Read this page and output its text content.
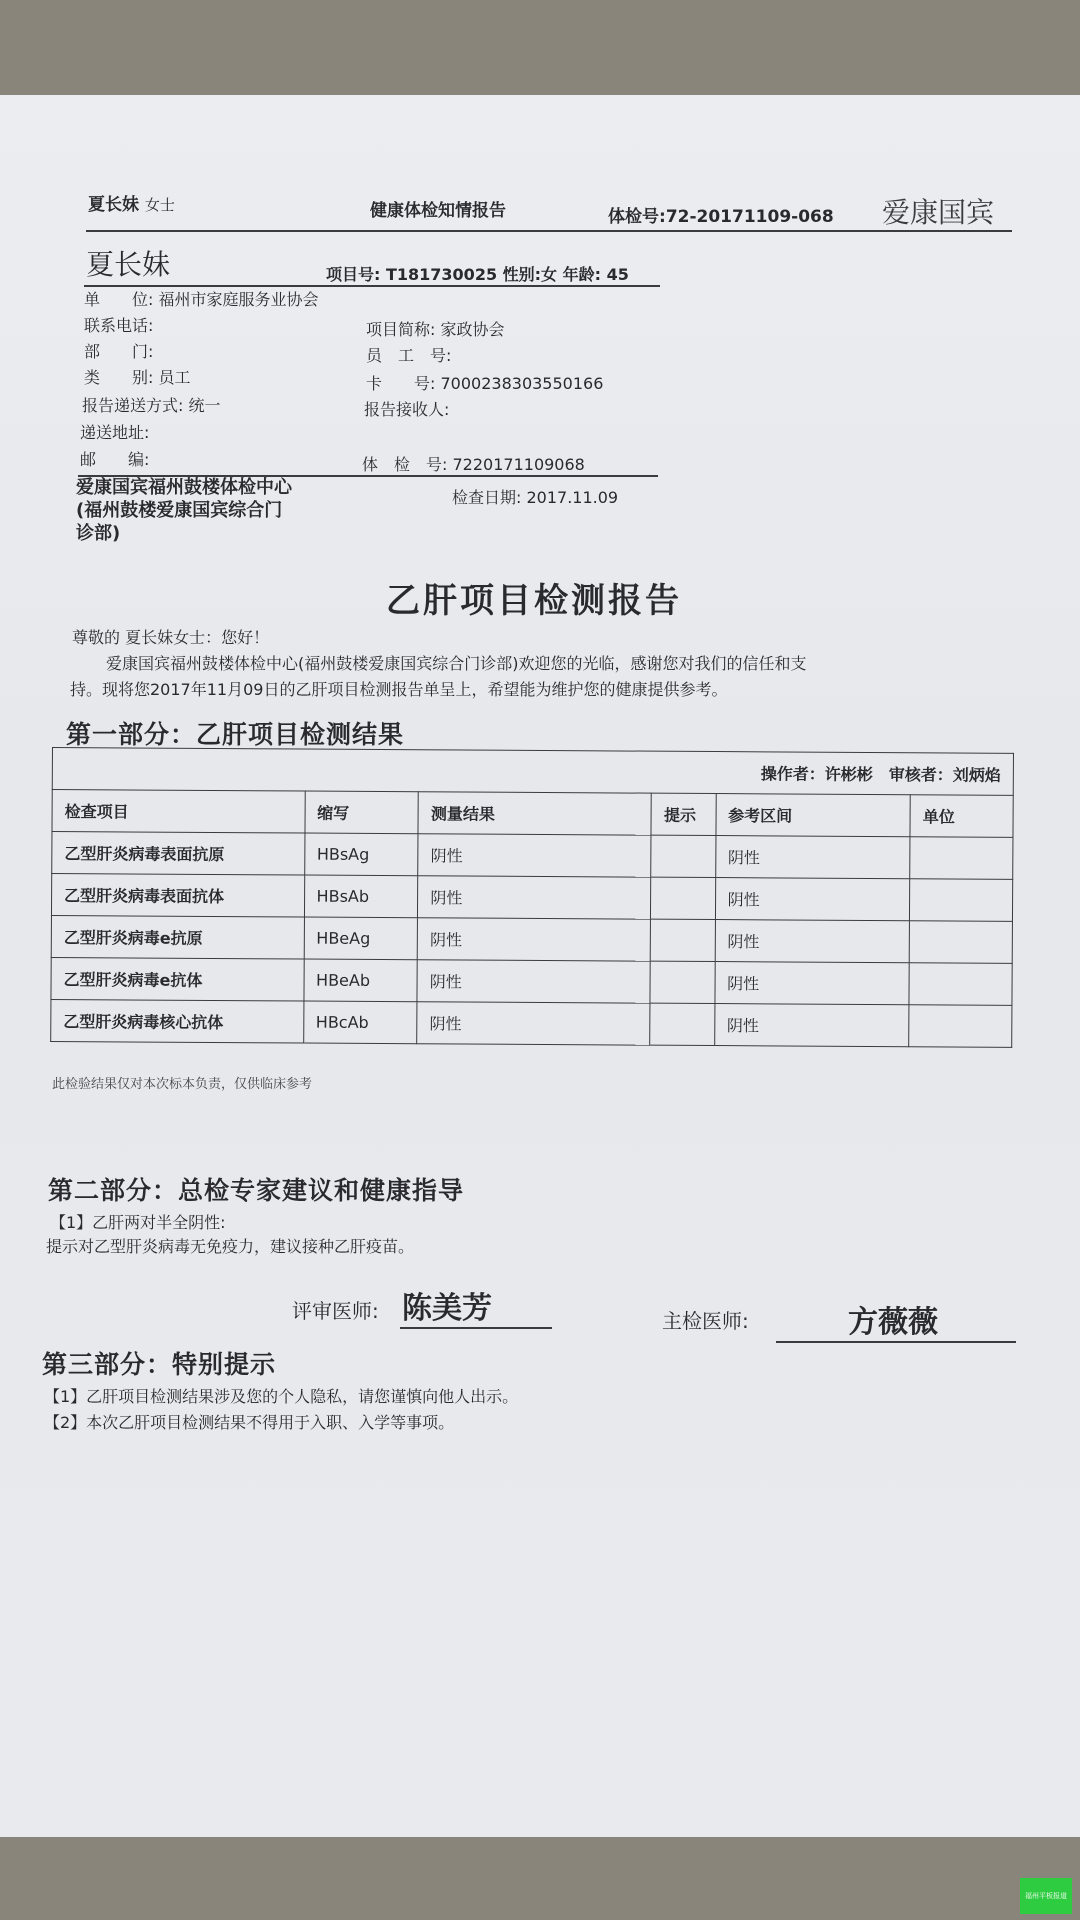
夏长妹 女士	健康体检知情报告	体检号:72-20171109-068 爱康国宾
夏长妹	项目号: T181730025 性别:女 年龄: 45
单　　位: 福州市家庭服务业协会
联系电话:	项目简称: 家政协会
部　　门:	员　工　号:
类　　别: 员工	卡　　号: 7000238303550166
报告递送方式: 统一	报告接收人:
递送地址:
邮　　编:	体　检　号: 7220171109068
爱康国宾福州鼓楼体检中心
(福州鼓楼爱康国宾综合门
诊部)
检查日期: 2017.11.09
乙肝项目检测报告
尊敬的 夏长妹女士：您好！
爱康国宾福州鼓楼体检中心(福州鼓楼爱康国宾综合门诊部)欢迎您的光临，感谢您对我们的信任和支
持。现将您2017年11月09日的乙肝项目检测报告单呈上，希望能为维护您的健康提供参考。
第一部分：乙肝项目检测结果
操作者：许彬彬　审核者：刘炳焰					
检查项目	缩写	测量结果	提示	参考区间	单位
乙型肝炎病毒表面抗原	HBsAg	阴性		阴性	
乙型肝炎病毒表面抗体	HBsAb	阴性		阴性	
乙型肝炎病毒e抗原	HBeAg	阴性		阴性	
乙型肝炎病毒e抗体	HBeAb	阴性		阴性	
乙型肝炎病毒核心抗体	HBcAb	阴性		阴性	
此检验结果仅对本次标本负责，仅供临床参考
第二部分：总检专家建议和健康指导
【1】乙肝两对半全阴性:
提示对乙型肝炎病毒无免疫力，建议接种乙肝疫苗。
评审医师: 陈美芳	主检医师:	方薇薇
第三部分：特别提示
【1】乙肝项目检测结果涉及您的个人隐私，请您谨慎向他人出示。
【2】本次乙肝项目检测结果不得用于入职、入学等事项。
福州平板报道
